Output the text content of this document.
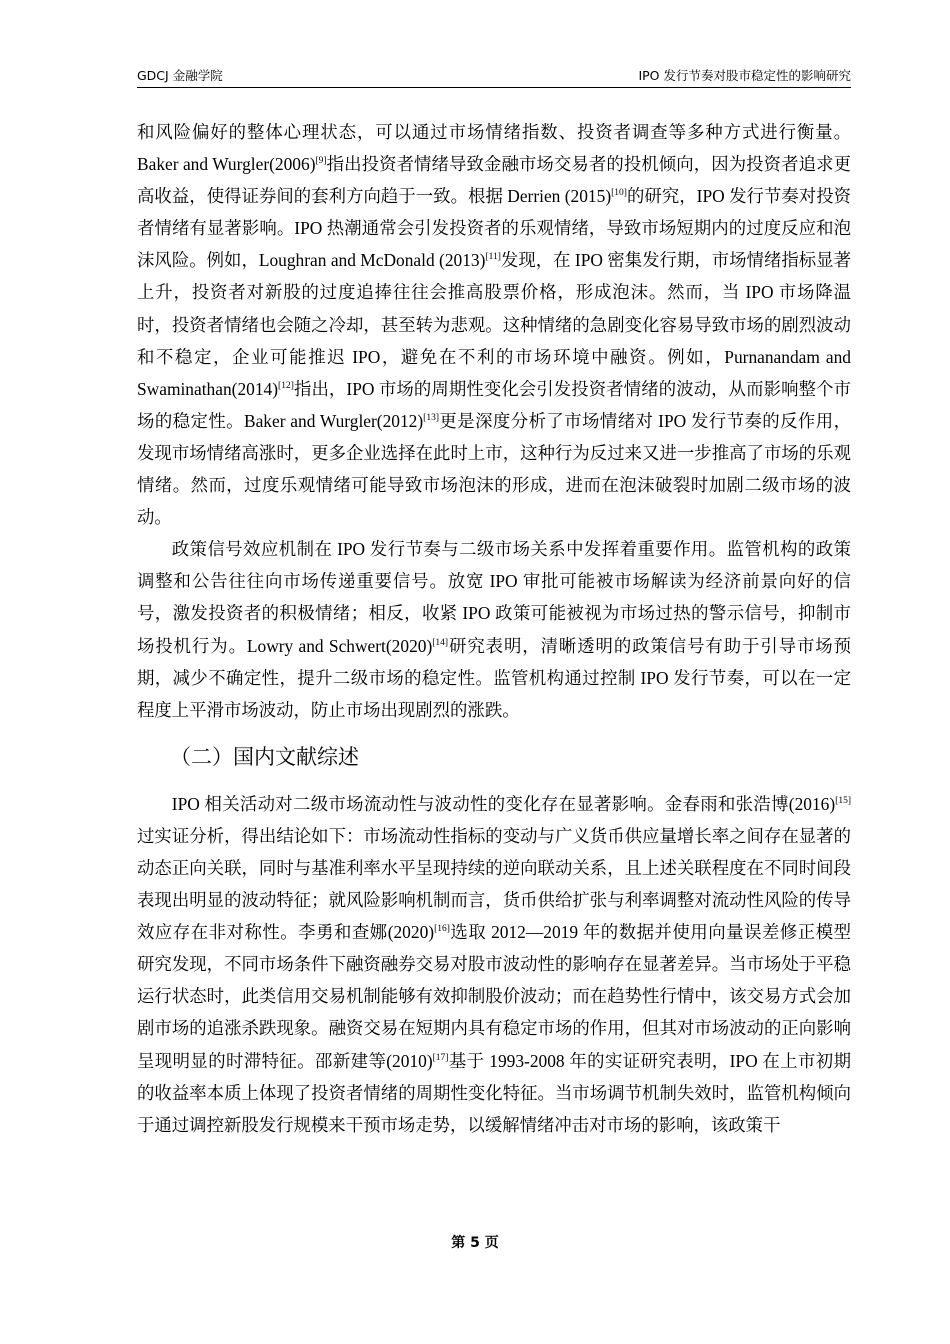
GDCJ 金融学院	IPO 发行节奏对股市稳定性的影响研究

和风险偏好的整体心理状态，可以通过市场情绪指数、投资者调查等多种方式进行衡量。Baker and Wurgler(2006)[9]指出投资者情绪导致金融市场交易者的投机倾向，因为投资者追求更高收益，使得证券间的套利方向趋于一致。根据 Derrien (2015)[10]的研究，IPO 发行节奏对投资者情绪有显著影响。IPO 热潮通常会引发投资者的乐观情绪，导致市场短期内的过度反应和泡沫风险。例如，Loughran and McDonald (2013)[11]发现，在 IPO 密集发行期，市场情绪指标显著上升，投资者对新股的过度追捧往往会推高股票价格，形成泡沫。然而，当 IPO 市场降温时，投资者情绪也会随之冷却，甚至转为悲观。这种情绪的急剧变化容易导致市场的剧烈波动和不稳定，企业可能推迟 IPO，避免在不利的市场环境中融资。例如，Purnanandam and Swaminathan(2014)[12]指出，IPO 市场的周期性变化会引发投资者情绪的波动，从而影响整个市场的稳定性。Baker and Wurgler(2012)[13]更是深度分析了市场情绪对 IPO 发行节奏的反作用，发现市场情绪高涨时，更多企业选择在此时上市，这种行为反过来又进一步推高了市场的乐观情绪。然而，过度乐观情绪可能导致市场泡沫的形成，进而在泡沫破裂时加剧二级市场的波动。

政策信号效应机制在 IPO 发行节奏与二级市场关系中发挥着重要作用。监管机构的政策调整和公告往往向市场传递重要信号。放宽 IPO 审批可能被市场解读为经济前景向好的信号，激发投资者的积极情绪；相反，收紧 IPO 政策可能被视为市场过热的警示信号，抑制市场投机行为。Lowry and Schwert(2020)[14]研究表明，清晰透明的政策信号有助于引导市场预期，减少不确定性，提升二级市场的稳定性。监管机构通过控制 IPO 发行节奏，可以在一定程度上平滑市场波动，防止市场出现剧烈的涨跌。

（二）国内文献综述

IPO 相关活动对二级市场流动性与波动性的变化存在显著影响。金春雨和张浩博(2016)[15]过实证分析，得出结论如下：市场流动性指标的变动与广义货币供应量增长率之间存在显著的动态正向关联，同时与基准利率水平呈现持续的逆向联动关系，且上述关联程度在不同时间段表现出明显的波动特征；就风险影响机制而言，货币供给扩张与利率调整对流动性风险的传导效应存在非对称性。李勇和查娜(2020)[16]选取 2012—2019 年的数据并使用向量误差修正模型研究发现，不同市场条件下融资融券交易对股市波动性的影响存在显著差异。当市场处于平稳运行状态时，此类信用交易机制能够有效抑制股价波动；而在趋势性行情中，该交易方式会加剧市场的追涨杀跌现象。融资交易在短期内具有稳定市场的作用，但其对市场波动的正向影响呈现明显的时滞特征。邵新建等(2010)[17]基于 1993-2008 年的实证研究表明，IPO 在上市初期的收益率本质上体现了投资者情绪的周期性变化特征。当市场调节机制失效时，监管机构倾向于通过调控新股发行规模来干预市场走势，以缓解情绪冲击对市场的影响，该政策干

第 5 页
